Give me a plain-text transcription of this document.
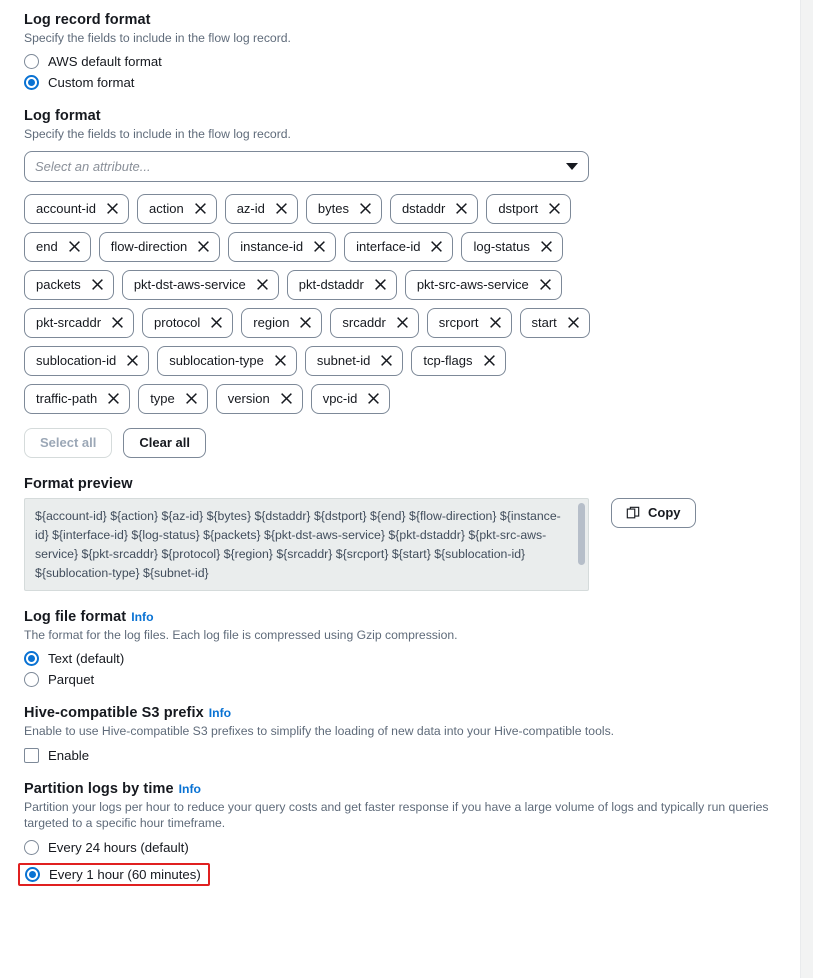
Log record format
Specify the fields to include in the flow log record.
AWS default format
Custom format
Log format
Specify the fields to include in the flow log record.
Select an attribute...
account-id	action	az-id	bytes	dstaddr	dstport
end	flow-direction	instance-id	interface-id	log-status
packets	pkt-dst-aws-service	pkt-dstaddr	pkt-src-aws-service
pkt-srcaddr	protocol	region	srcaddr	srcport	start
sublocation-id	sublocation-type	subnet-id	tcp-flags
traffic-path	type	version	vpc-id
Select all	Clear all
Format preview
${account-id} ${action} ${az-id} ${bytes} ${dstaddr} ${dstport} ${end} ${flow-direction} ${instance-id} ${interface-id} ${log-status} ${packets} ${pkt-dst-aws-service} ${pkt-dstaddr} ${pkt-src-aws-service} ${pkt-srcaddr} ${protocol} ${region} ${srcaddr} ${srcport} ${start} ${sublocation-id} ${sublocation-type} ${subnet-id}
Copy
Log file format Info
The format for the log files. Each log file is compressed using Gzip compression.
Text (default)
Parquet
Hive-compatible S3 prefix Info
Enable to use Hive-compatible S3 prefixes to simplify the loading of new data into your Hive-compatible tools.
Enable
Partition logs by time Info
Partition your logs per hour to reduce your query costs and get faster response if you have a large volume of logs and typically run queries targeted to a specific hour timeframe.
Every 24 hours (default)
Every 1 hour (60 minutes)
